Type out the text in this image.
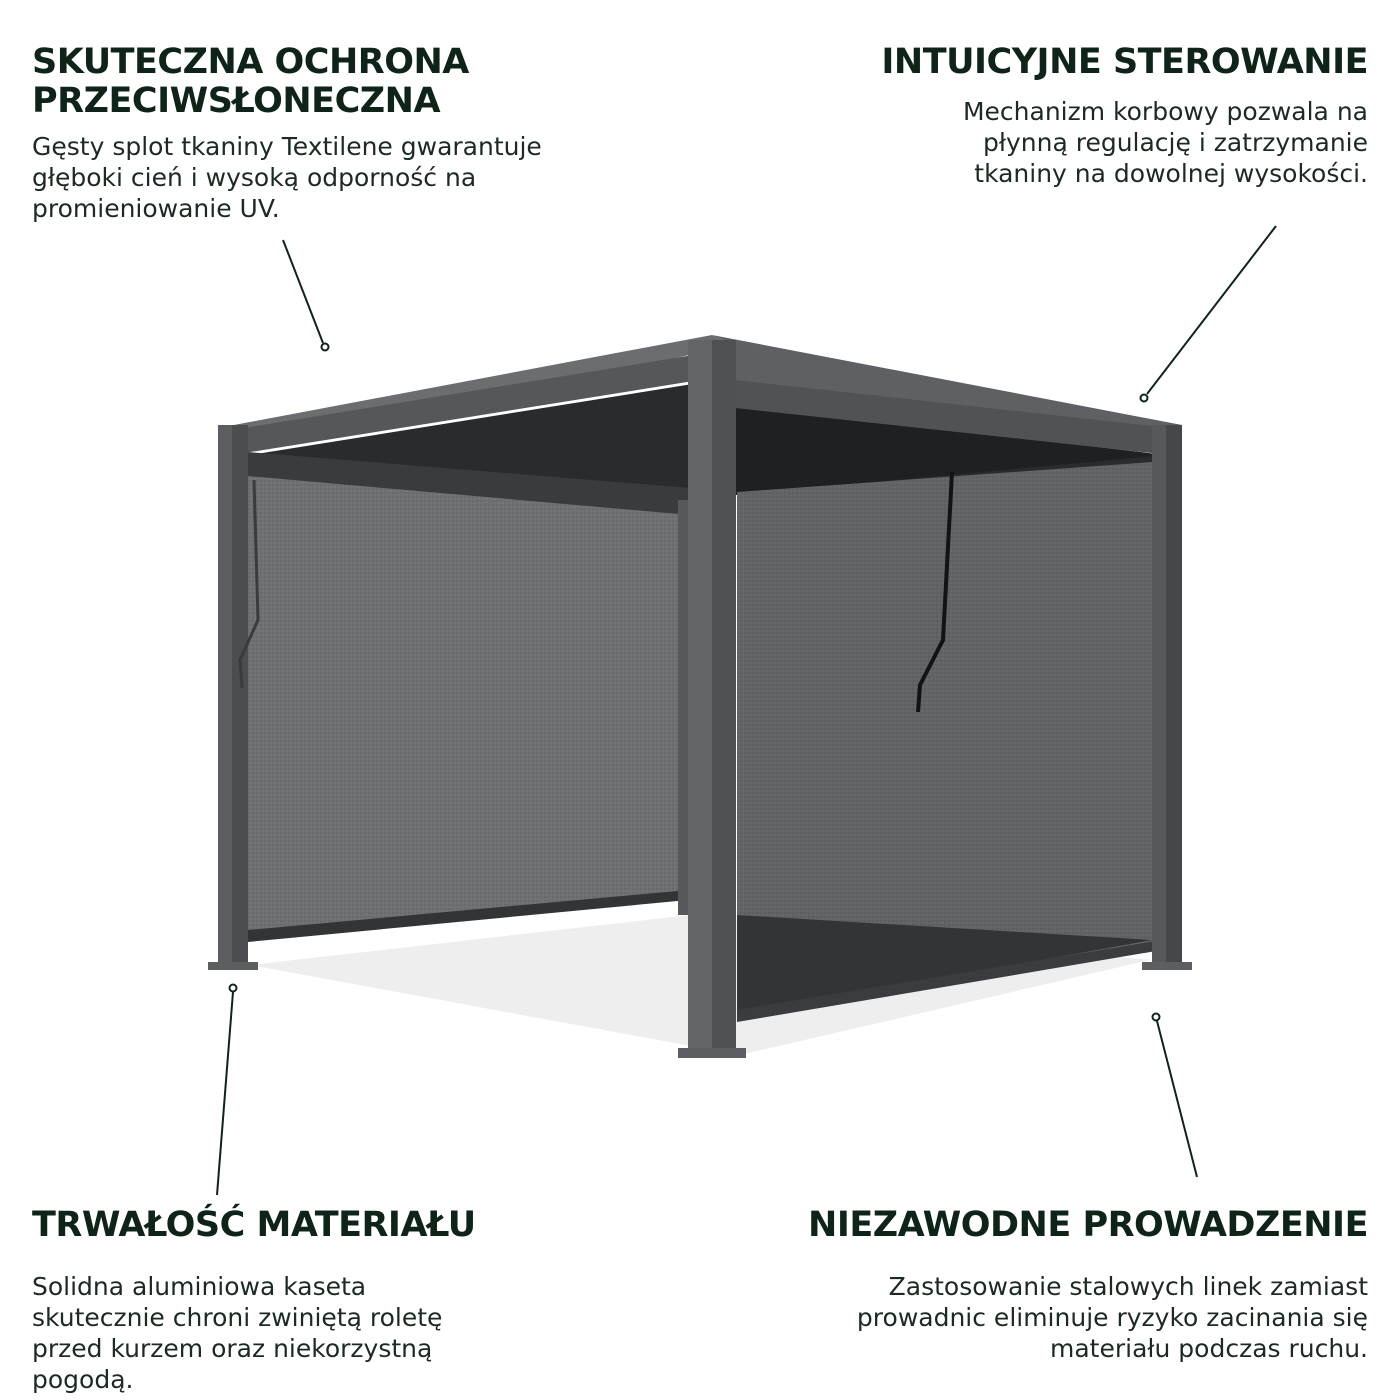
SKUTECZNA OCHRONA
PRZECIWSŁONECZNA

Gęsty splot tkaniny Textilene gwarantuje
głęboki cień i wysoką odporność na
promieniowanie UV.

INTUICYJNE STEROWANIE

Mechanizm korbowy pozwala na
płynną regulację i zatrzymanie
tkaniny na dowolnej wysokości.

TRWAŁOŚĆ MATERIAŁU

Solidna aluminiowa kaseta
skutecznie chroni zwiniętą roletę
przed kurzem oraz niekorzystną
pogodą.

NIEZAWODNE PROWADZENIE

Zastosowanie stalowych linek zamiast
prowadnic eliminuje ryzyko zacinania się
materiału podczas ruchu.
